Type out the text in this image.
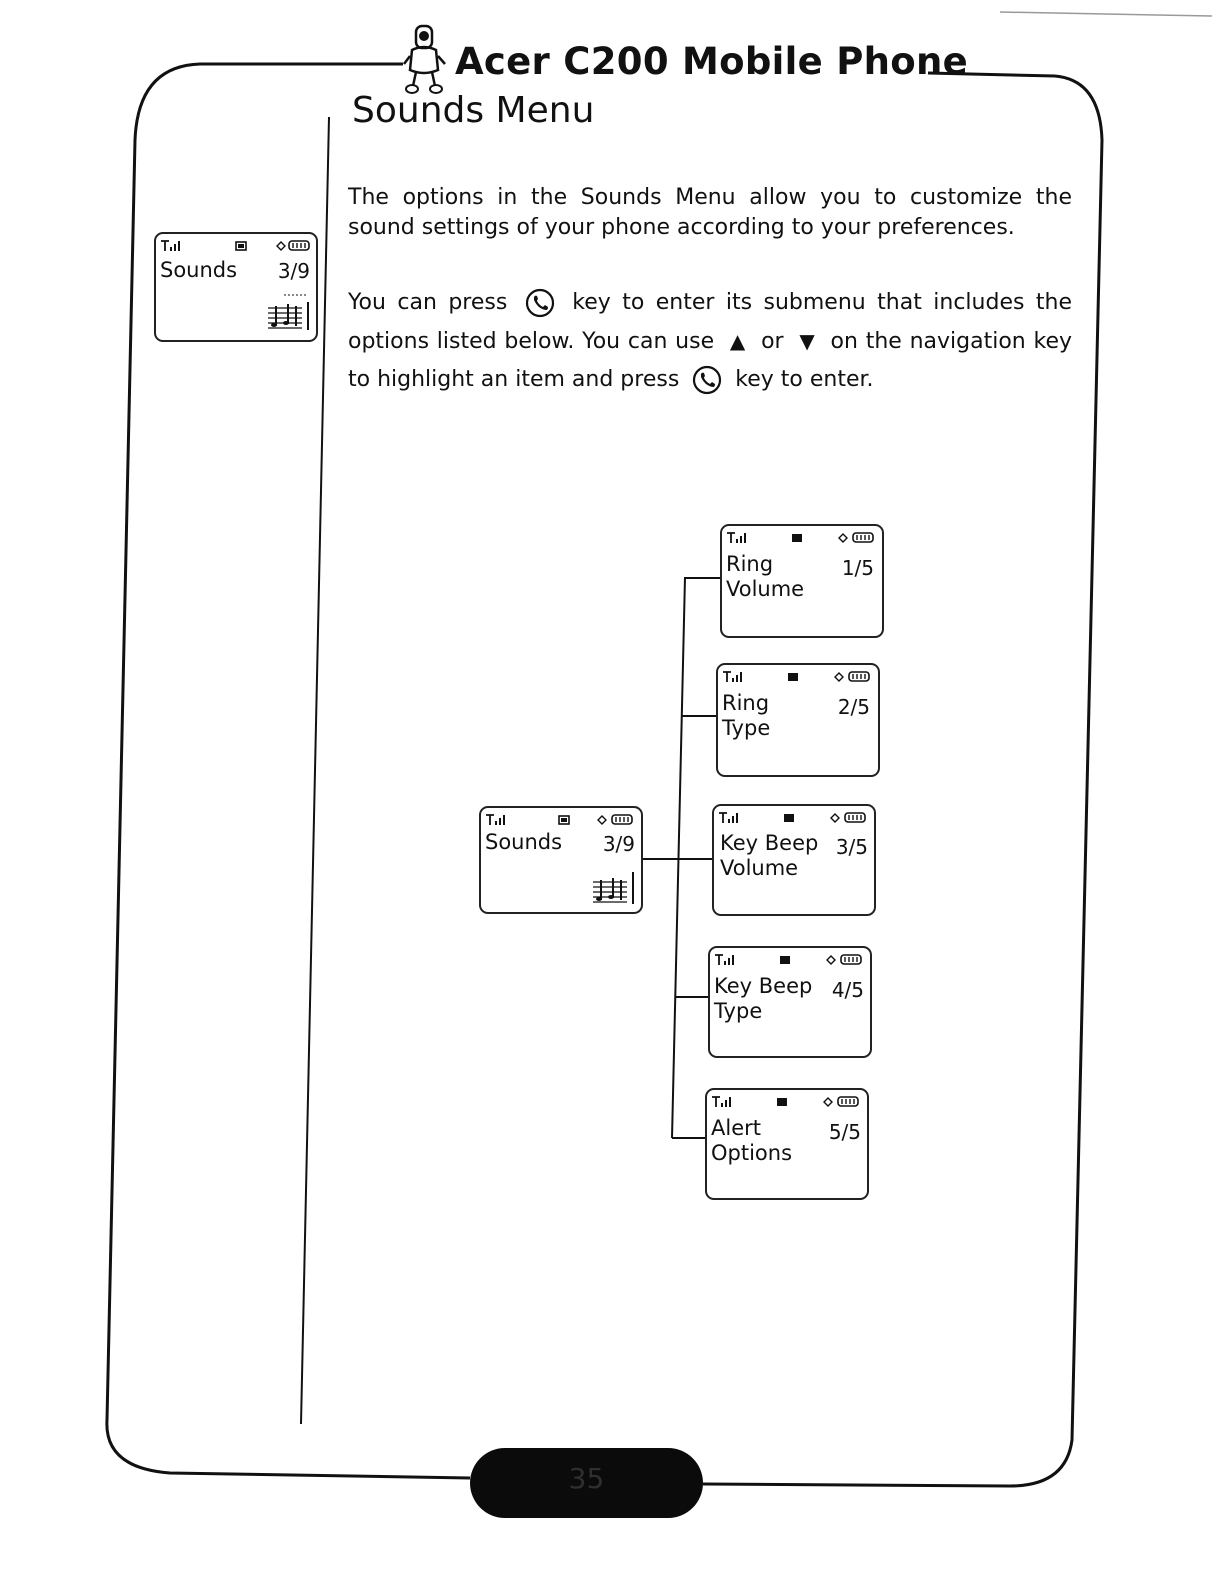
Acer C200 Mobile Phone
Sounds Menu

The options in the Sounds Menu allow you to customize the sound settings of your phone according to your preferences.

You can press	key to enter its submenu that includes the options listed below. You can use ▲ or ▼ on the navigation key to highlight an item and press	key to enter.

Sounds 3/9
Sounds 3/9
Ring
Volume
1/5
Ring
Type
2/5
Key Beep
Volume
3/5
Key Beep
Type
4/5
Alert
Options
5/5
35
